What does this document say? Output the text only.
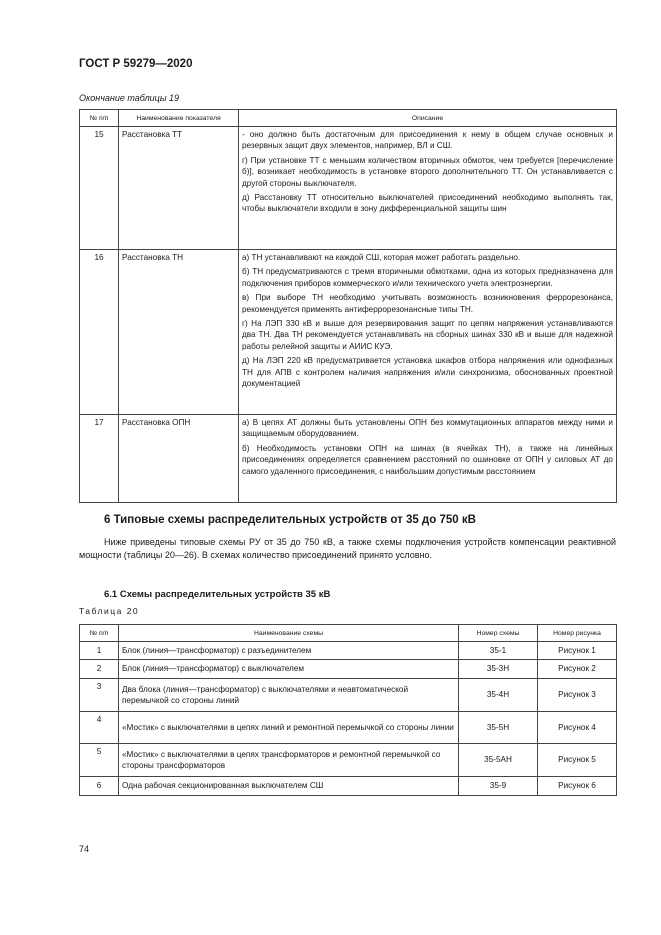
ГОСТ Р 59279—2020
Окончание таблицы 19
№ п/п	Наименование показателя	Описание
15	Расстановка ТТ	- оно должно быть достаточным для присоединения к нему в общем случае основных и резервных защит двух элементов, например, ВЛ и СШ.

г) При установке ТТ с меньшим количеством вторичных обмоток, чем требуется [перечисление б)], возникает необходимость в установке второго дополнительного ТТ. Он устанавливается с другой стороны выключателя.

д) Расстановку ТТ относительно выключателей присоединений необходимо выполнять так, чтобы выключатели входили в зону дифференциальной защиты шин

16	Расстановка ТН	а) ТН устанавливают на каждой СШ, которая может работать раздельно.

б) ТН предусматриваются с тремя вторичными обмотками, одна из которых предназначена для подключения приборов коммерческого и/или технического учета электроэнергии.

в) При выборе ТН необходимо учитывать возможность возникновения феррорезонанса, рекомендуется применять антиферрорезонансные типы ТН.

г) На ЛЭП 330 кВ и выше для резервирования защит по цепям напряжения устанавливаются два ТН. Два ТН рекомендуется устанавливать на сборных шинах 330 кВ и выше для надежной работы релейной защиты и АИИС КУЭ.

д) На ЛЭП 220 кВ предусматривается установка шкафов отбора напряжения или однофазных ТН для АПВ с контролем наличия напряжения и/или синхронизма, обоснованных проектной документацией

17	Расстановка ОПН	а) В цепях АТ должны быть установлены ОПН без коммутационных аппаратов между ними и защищаемым оборудованием.

б) Необходимость установки ОПН на шинах (в ячейках ТН), а также на линейных присоединениях определяется сравнением расстояний по ошиновке от ОПН у силовых АТ до самого удаленного присоединения, с наибольшим допустимым расстоянием

6 Типовые схемы распределительных устройств от 35 до 750 кВ

Ниже приведены типовые схемы РУ от 35 до 750 кВ, а также схемы подключения устройств компенсации реактивной мощности (таблицы 20—26). В схемах количество присоединений принято условно.

6.1 Схемы распределительных устройств 35 кВ
Таблица 20
№ п/п	Наименование схемы	Номер схемы	Номер рисунка
1	Блок (линия—трансформатор) с разъединителем	35-1	Рисунок 1
2	Блок (линия—трансформатор) с выключателем	35-3Н	Рисунок 2
3	Два блока (линия—трансформатор) с выключателями и неавтоматической перемычкой со стороны линий	35-4Н	Рисунок 3
4	«Мостик» с выключателями в цепях линий и ремонтной перемычкой со стороны линии	35-5Н	Рисунок 4
5	«Мостик» с выключателями в цепях трансформаторов и ремонтной перемычкой со стороны трансформаторов	35-5АН	Рисунок 5
6	Одна рабочая секционированная выключателем СШ	35-9	Рисунок 6
74
